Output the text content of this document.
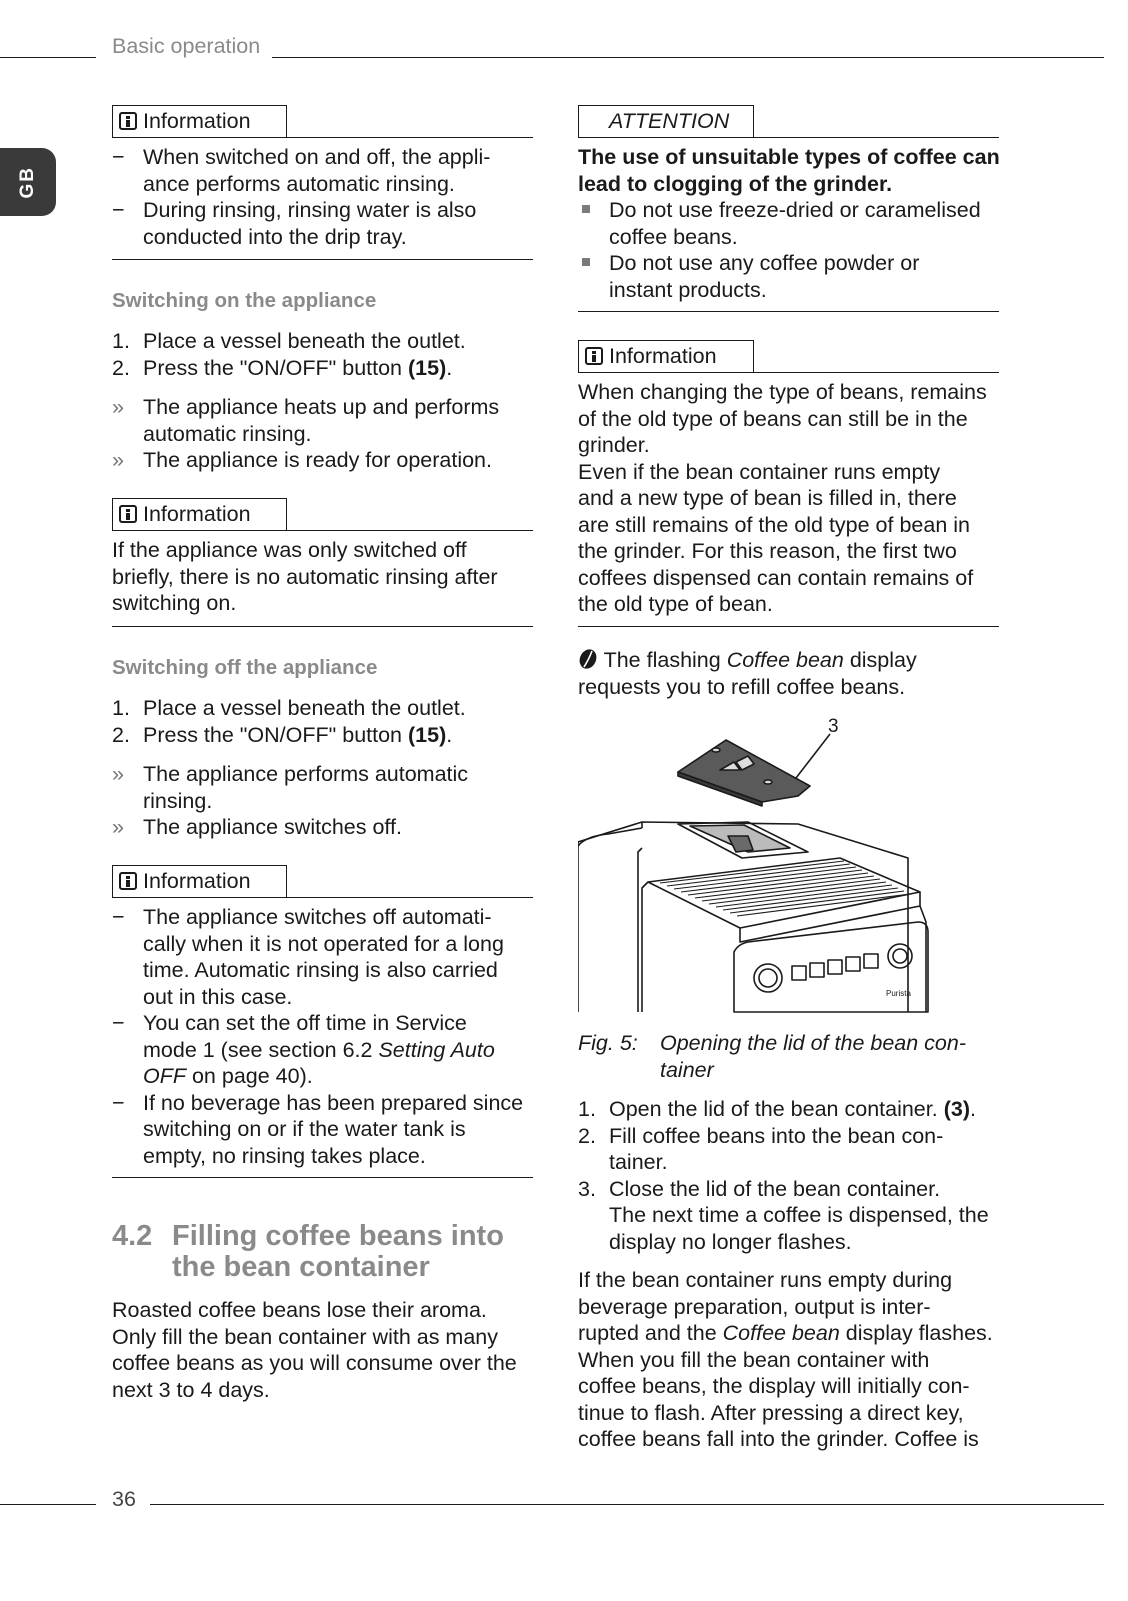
Basic operation
GB
Information
− When switched on and off, the appli-
ance performs automatic rinsing.
− During rinsing, rinsing water is also
conducted into the drip tray.
Switching on the appliance
1. Place a vessel beneath the outlet.
2. Press the "ON/OFF" button (15).
» The appliance heats up and performs
automatic rinsing.
» The appliance is ready for operation.
Information
If the appliance was only switched off
briefly, there is no automatic rinsing after
switching on.
Switching off the appliance
1. Place a vessel beneath the outlet.
2. Press the "ON/OFF" button (15).
» The appliance performs automatic
rinsing.
» The appliance switches off.
Information
− The appliance switches off automati-
cally when it is not operated for a long
time. Automatic rinsing is also carried
out in this case.
− You can set the off time in Service
mode 1 (see section 6.2 Setting Auto
OFF on page 40).
− If no beverage has been prepared since
switching on or if the water tank is
empty, no rinsing takes place.
4.2 Filling coffee beans into
the bean container
Roasted coffee beans lose their aroma.
Only fill the bean container with as many
coffee beans as you will consume over the
next 3 to 4 days.
ATTENTION
The use of unsuitable types of coffee can
lead to clogging of the grinder.
Do not use freeze-dried or caramelised
coffee beans.
Do not use any coffee powder or
instant products.
Information
When changing the type of beans, remains
of the old type of beans can still be in the
grinder.
Even if the bean container runs empty
and a new type of bean is filled in, there
are still remains of the old type of bean in
the grinder. For this reason, the first two
coffees dispensed can contain remains of
the old type of bean.
The flashing Coffee bean display
requests you to refill coffee beans.
3
Purista
Fig. 5: Opening the lid of the bean con-
tainer
1. Open the lid of the bean container. (3).
2. Fill coffee beans into the bean con-
tainer.
3. Close the lid of the bean container.
The next time a coffee is dispensed, the
display no longer flashes.
If the bean container runs empty during
beverage preparation, output is inter-
rupted and the Coffee bean display flashes.
When you fill the bean container with
coffee beans, the display will initially con-
tinue to flash. After pressing a direct key,
coffee beans fall into the grinder. Coffee is
36
